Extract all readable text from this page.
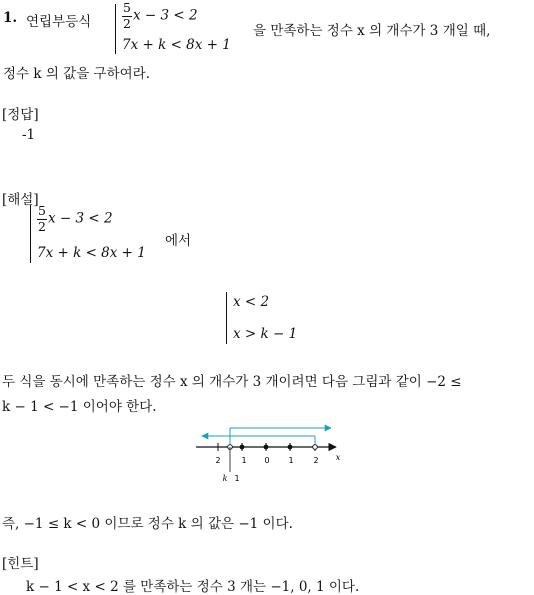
1. 연립부등식 $\frac{5}{2}$ x − 3 < 2
7x + k < 8x + 1
을 만족하는 정수 x 의 개수가 3 개일 때,
정수 k 의 값을 구하여라.
[정답]
-1
[해설]
$\frac{5}{2}$ x − 3 < 2
7x + k < 8x + 1
에서
x < 2
x > k − 1
두 식을 동시에 만족하는 정수 x 의 개수가 3 개이려면 다음 그림과 같이 −2 ≤
k − 1 < −1 이어야 한다.
2	1 0 1 2 x
k 1
즉, −1 ≤ k < 0 이므로 정수 k 의 값은 −1 이다.
[힌트]
k − 1 < x < 2 를 만족하는 정수 3 개는 −1, 0, 1 이다.
